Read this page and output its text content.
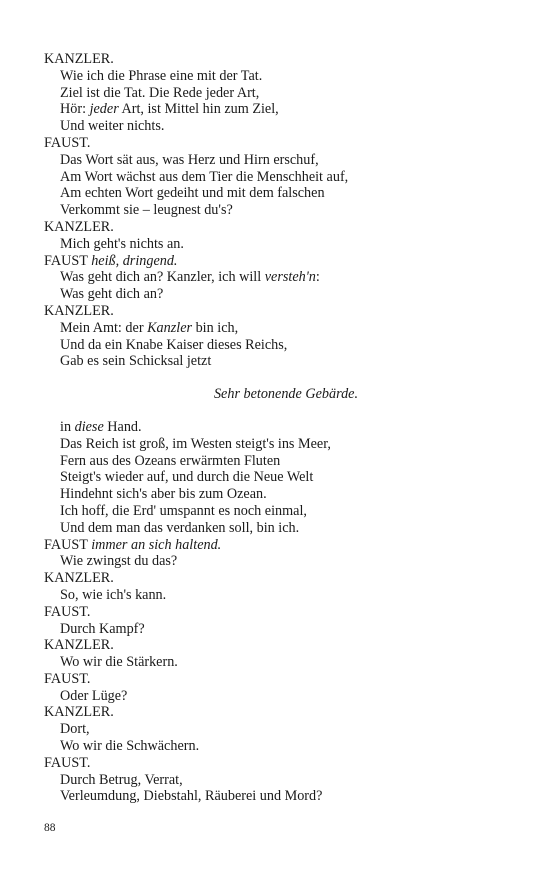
KANZLER.
Wie ich die Phrase eine mit der Tat.
Ziel ist die Tat. Die Rede jeder Art,
Hör: jeder Art, ist Mittel hin zum Ziel,
Und weiter nichts.
FAUST.
Das Wort sät aus, was Herz und Hirn erschuf,
Am Wort wächst aus dem Tier die Menschheit auf,
Am echten Wort gedeiht und mit dem falschen
Verkommt sie – leugnest du's?
KANZLER.
Mich geht's nichts an.
FAUST heiß, dringend.
Was geht dich an? Kanzler, ich will versteh'n:
Was geht dich an?
KANZLER.
Mein Amt: der Kanzler bin ich,
Und da ein Knabe Kaiser dieses Reichs,
Gab es sein Schicksal jetzt
Sehr betonende Gebärde.
in diese Hand.
Das Reich ist groß, im Westen steigt's ins Meer,
Fern aus des Ozeans erwärmten Fluten
Steigt's wieder auf, und durch die Neue Welt
Hindehnt sich's aber bis zum Ozean.
Ich hoff, die Erd' umspannt es noch einmal,
Und dem man das verdanken soll, bin ich.
FAUST immer an sich haltend.
Wie zwingst du das?
KANZLER.
So, wie ich's kann.
FAUST.
Durch Kampf?
KANZLER.
Wo wir die Stärkern.
FAUST.
Oder Lüge?
KANZLER.
Dort,
Wo wir die Schwächern.
FAUST.
Durch Betrug, Verrat,
Verleumdung, Diebstahl, Räuberei und Mord?
88
